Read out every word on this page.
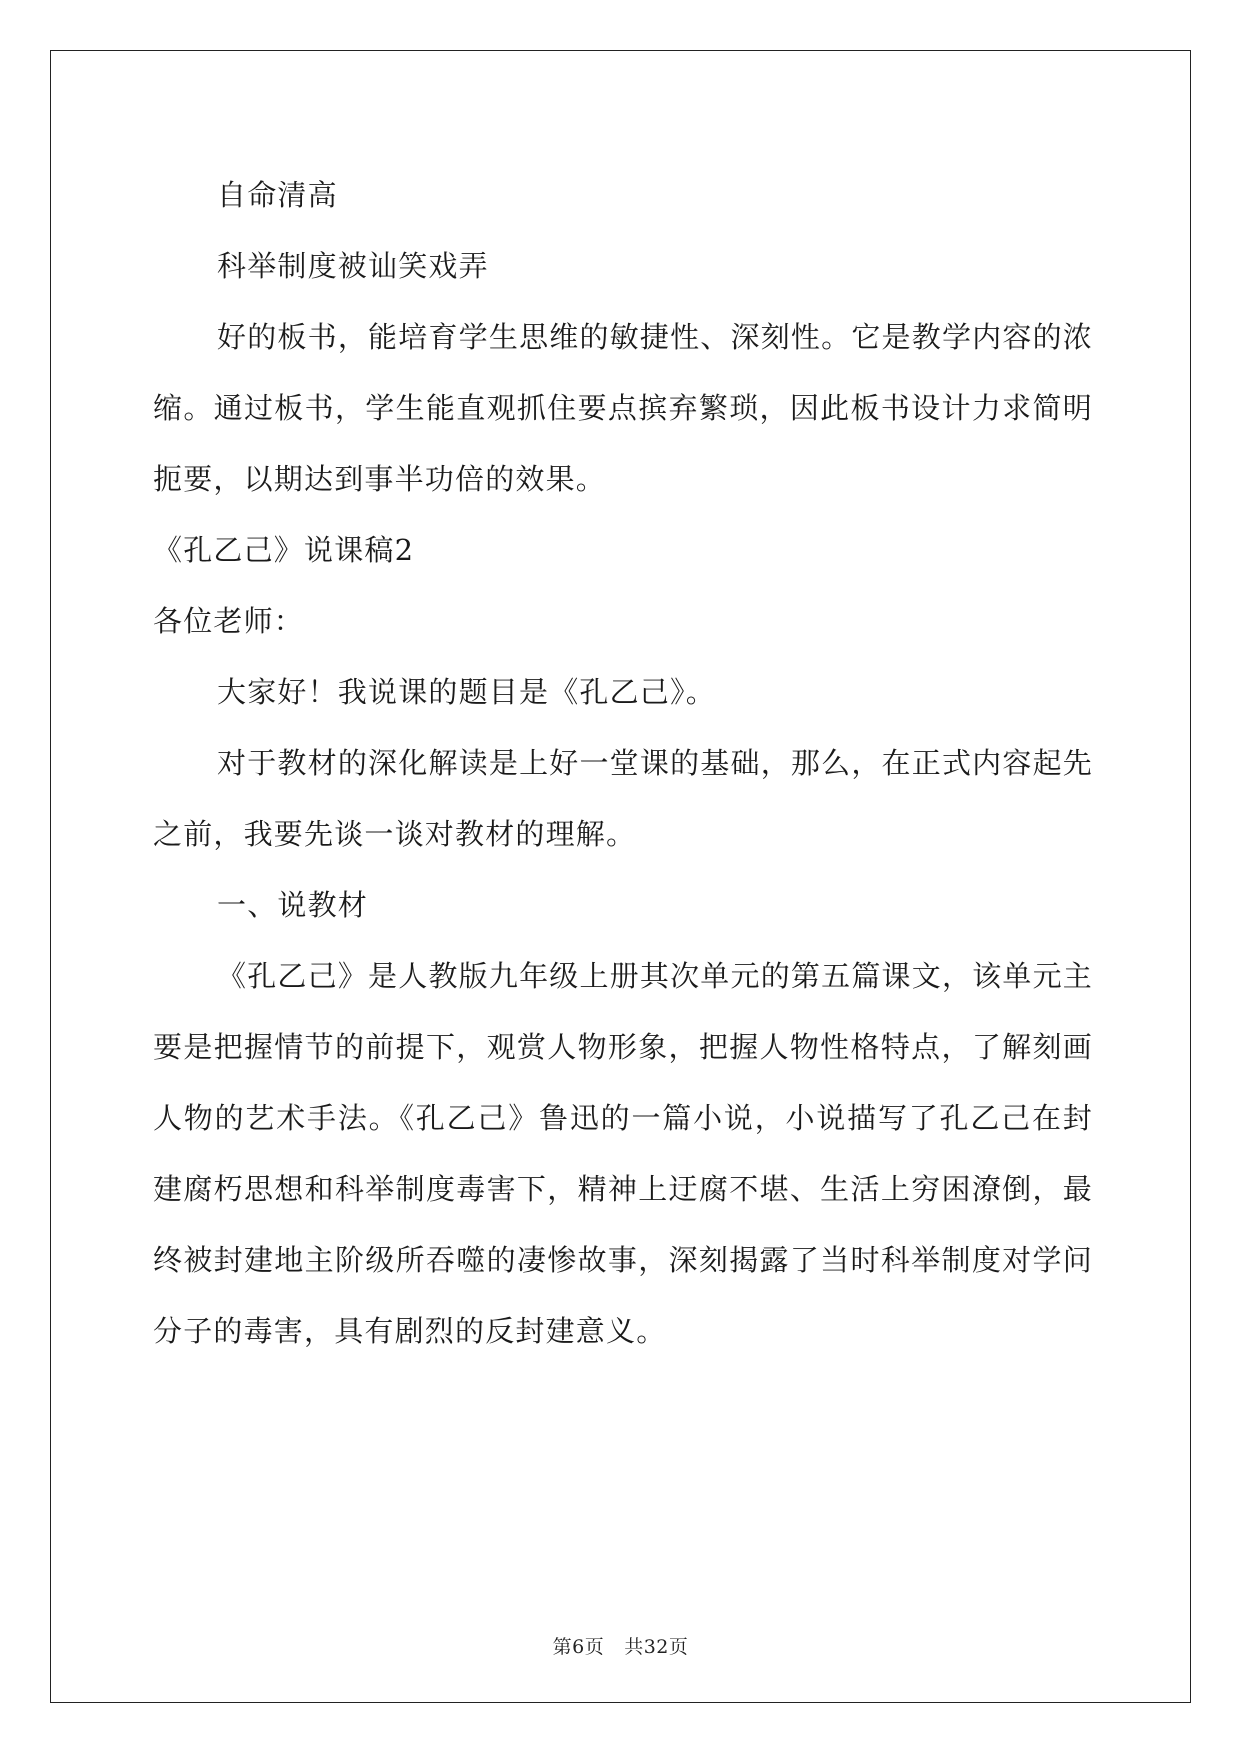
自命清高

科举制度被讪笑戏弄

好的板书，能培育学生思维的敏捷性、深刻性。它是教学内容的浓缩。通过板书，学生能直观抓住要点摈弃繁琐，因此板书设计力求简明扼要，以期达到事半功倍的效果。

《孔乙己》说课稿2

各位老师：

大家好！我说课的题目是《孔乙己》。

对于教材的深化解读是上好一堂课的基础，那么，在正式内容起先之前，我要先谈一谈对教材的理解。

一、说教材

《孔乙己》是人教版九年级上册其次单元的第五篇课文，该单元主要是把握情节的前提下，观赏人物形象，把握人物性格特点，了解刻画人物的艺术手法。《孔乙己》鲁迅的一篇小说，小说描写了孔乙己在封建腐朽思想和科举制度毒害下，精神上迂腐不堪、生活上穷困潦倒，最终被封建地主阶级所吞噬的凄惨故事，深刻揭露了当时科举制度对学问分子的毒害，具有剧烈的反封建意义。

第6页 共32页
